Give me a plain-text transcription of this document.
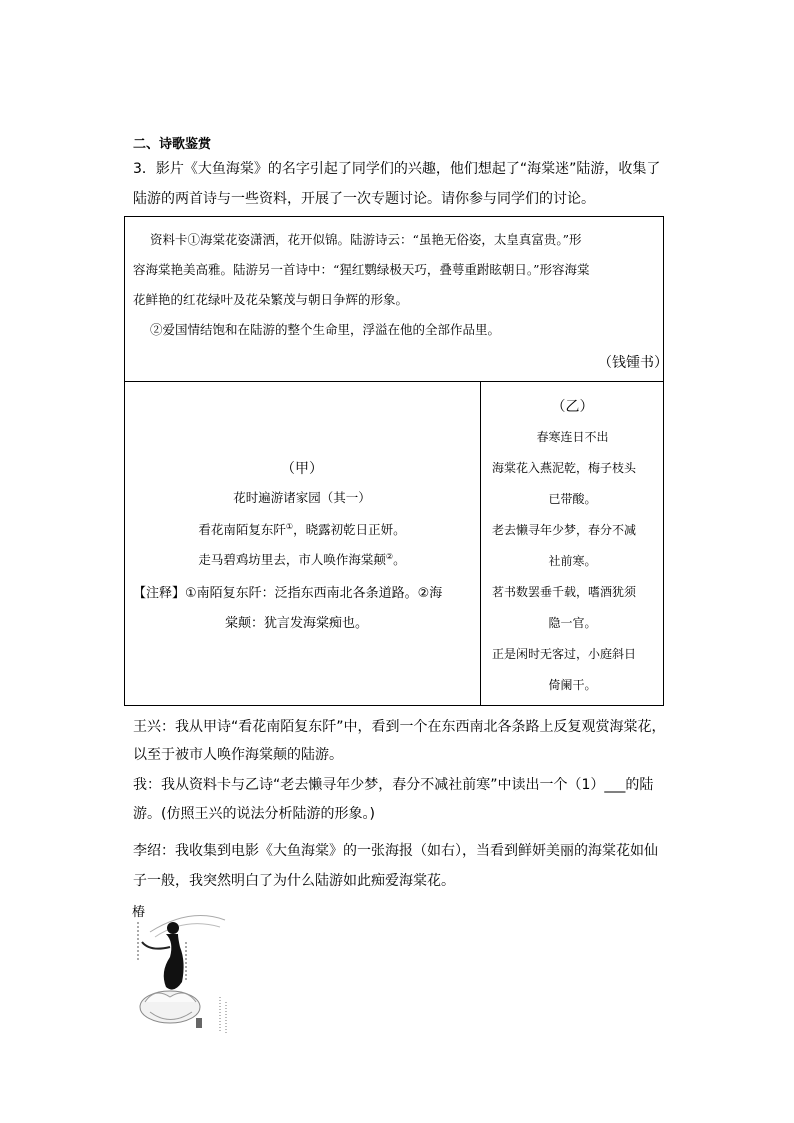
二、诗歌鉴赏
3．影片《大鱼海棠》的名字引起了同学们的兴趣，他们想起了“海棠迷”陆游，收集了
陆游的两首诗与一些资料，开展了一次专题讨论。请你参与同学们的讨论。
资料卡①海棠花姿潇洒，花开似锦。陆游诗云：“虽艳无俗姿，太皇真富贵。”形
容海棠艳美高雅。陆游另一首诗中：“猩红鹦绿极天巧，叠萼重跗眩朝日。”形容海棠
花鲜艳的红花绿叶及花朵繁茂与朝日争辉的形象。
②爱国情结饱和在陆游的整个生命里，浮溢在他的全部作品里。
（钱锺书）
（甲）
花时遍游诸家园（其一）
看花南陌复东阡①，晓露初乾日正妍。
走马碧鸡坊里去，市人唤作海棠颠②。
【注释】①南陌复东阡：泛指东西南北各条道路。②海
棠颠：犹言发海棠痴也。
（乙）
春寒连日不出
海棠花入燕泥乾，梅子枝头
已带酸。
老去懒寻年少梦，春分不减
社前寒。
茗书数罢垂千载，嗜酒犹须
隐一官。
正是闲时无客过，小庭斜日
倚阑干。
王兴：我从甲诗“看花南陌复东阡”中，看到一个在东西南北各条路上反复观赏海棠花，
以至于被市人唤作海棠颠的陆游。
我：我从资料卡与乙诗“老去懒寻年少梦，春分不减社前寒”中读出一个（1）___的陆
游。(仿照王兴的说法分析陆游的形象。)
李绍：我收集到电影《大鱼海棠》的一张海报（如右），当看到鲜妍美丽的海棠花如仙
子一般，我突然明白了为什么陆游如此痴爱海棠花。
椿
